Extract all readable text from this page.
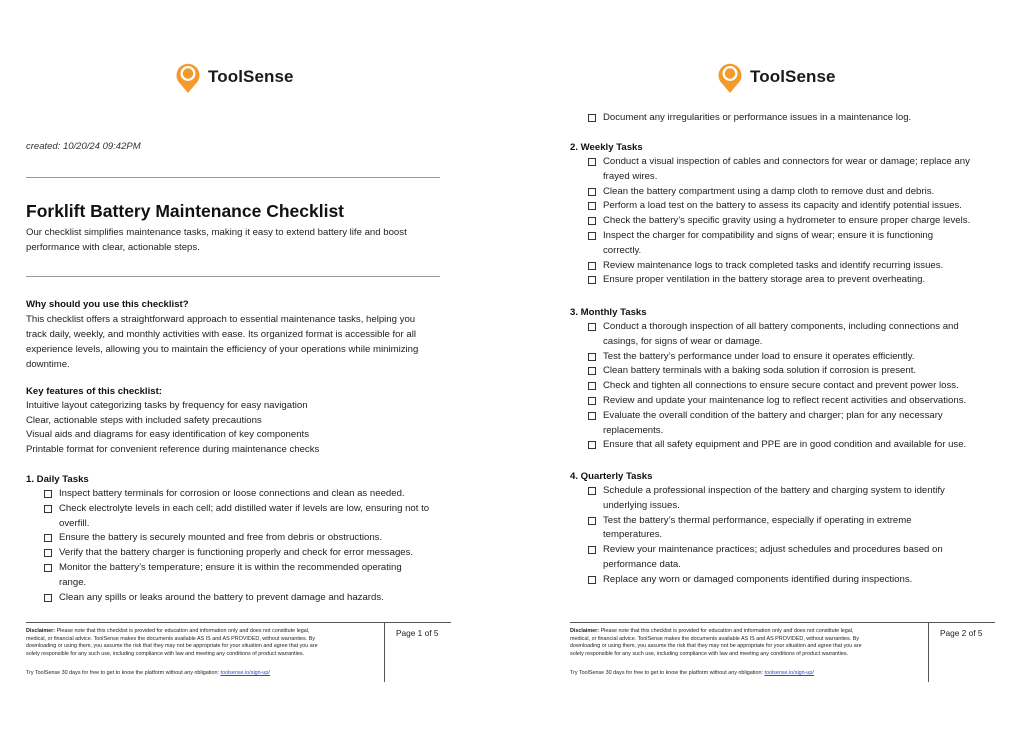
ToolSense
created: 10/20/24 09:42PM
Forklift Battery Maintenance Checklist
Our checklist simplifies maintenance tasks, making it easy to extend battery life and boost
performance with clear, actionable steps.
Why should you use this checklist?
This checklist offers a straightforward approach to essential maintenance tasks, helping you
track daily, weekly, and monthly activities with ease. Its organized format is accessible for all
experience levels, allowing you to maintain the efficiency of your operations while minimizing
downtime.
Key features of this checklist:
Intuitive layout categorizing tasks by frequency for easy navigation
Clear, actionable steps with included safety precautions
Visual aids and diagrams for easy identification of key components
Printable format for convenient reference during maintenance checks
1. Daily Tasks
Inspect battery terminals for corrosion or loose connections and clean as needed.
Check electrolyte levels in each cell; add distilled water if levels are low, ensuring not to
overfill.
Ensure the battery is securely mounted and free from debris or obstructions.
Verify that the battery charger is functioning properly and check for error messages.
Monitor the battery’s temperature; ensure it is within the recommended operating
range.
Clean any spills or leaks around the battery to prevent damage and hazards.
Disclaimer: Please note that this checklist is provided for education and information only and does not constitute legal,
medical, or financial advice. ToolSense makes the documents available AS IS and AS PROVIDED, without warranties. By
downloading or using them, you assume the risk that they may not be appropriate for your situation and agree that you are
solely responsible for any such use, including compliance with law and meeting any conditions of product warranties.
Try ToolSense 30 days for free to get to know the platform without any obligation: toolsense.io/sign-up/
Page 1 of 5
ToolSense
Document any irregularities or performance issues in a maintenance log.
2. Weekly Tasks
Conduct a visual inspection of cables and connectors for wear or damage; replace any
frayed wires.
Clean the battery compartment using a damp cloth to remove dust and debris.
Perform a load test on the battery to assess its capacity and identify potential issues.
Check the battery’s specific gravity using a hydrometer to ensure proper charge levels.
Inspect the charger for compatibility and signs of wear; ensure it is functioning
correctly.
Review maintenance logs to track completed tasks and identify recurring issues.
Ensure proper ventilation in the battery storage area to prevent overheating.
3. Monthly Tasks
Conduct a thorough inspection of all battery components, including connections and
casings, for signs of wear or damage.
Test the battery’s performance under load to ensure it operates efficiently.
Clean battery terminals with a baking soda solution if corrosion is present.
Check and tighten all connections to ensure secure contact and prevent power loss.
Review and update your maintenance log to reflect recent activities and observations.
Evaluate the overall condition of the battery and charger; plan for any necessary
replacements.
Ensure that all safety equipment and PPE are in good condition and available for use.
4. Quarterly Tasks
Schedule a professional inspection of the battery and charging system to identify
underlying issues.
Test the battery’s thermal performance, especially if operating in extreme
temperatures.
Review your maintenance practices; adjust schedules and procedures based on
performance data.
Replace any worn or damaged components identified during inspections.
Disclaimer: Please note that this checklist is provided for education and information only and does not constitute legal,
medical, or financial advice. ToolSense makes the documents available AS IS and AS PROVIDED, without warranties. By
downloading or using them, you assume the risk that they may not be appropriate for your situation and agree that you are
solely responsible for any such use, including compliance with law and meeting any conditions of product warranties.
Try ToolSense 30 days for free to get to know the platform without any obligation: toolsense.io/sign-up/
Page 2 of 5
